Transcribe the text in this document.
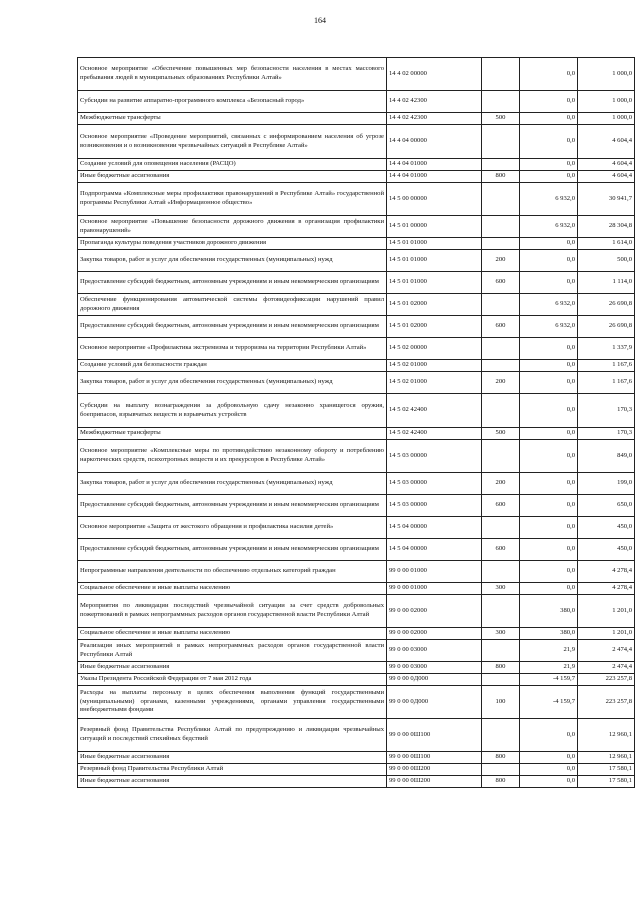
164
Основное мероприятие «Обеспечение повышенных мер безопасности населения в местах массового пребывания людей в муниципальных образованиях Республики Алтай»	14 4 02 00000		0,0	1 000,0
Субсидии на развитие аппаратно-программного комплекса «Безопасный город»	14 4 02 42300		0,0	1 000,0
Межбюджетные трансферты	14 4 02 42300	500	0,0	1 000,0
Основное мероприятие «Проведение мероприятий, связанных с информированием населения об угрозе возникновения и о возникновении чрезвычайных ситуаций в Республике Алтай»	14 4 04 00000		0,0	4 604,4
Создание условий для оповещения населения (РАСЦО)	14 4 04 01000		0,0	4 604,4
Иные бюджетные ассигнования	14 4 04 01000	800	0,0	4 604,4
Подпрограмма «Комплексные меры профилактики правонарушений в Республике Алтай» государственной программы Республики Алтай «Информационное общество»	14 5 00 00000		6 932,0	30 941,7
Основное мероприятие «Повышение безопасности дорожного движения в организация профилактики правонарушений»	14 5 01 00000		6 932,0	28 304,8
Пропаганда культуры поведения участников дорожного движения	14 5 01 01000		0,0	1 614,0
Закупка товаров, работ и услуг для обеспечения государственных (муниципальных) нужд	14 5 01 01000	200	0,0	500,0
Предоставление субсидий бюджетным, автономным учреждениям и иным некоммерческим организациям	14 5 01 01000	600	0,0	1 114,0
Обеспечение функционирования автоматической системы фотовидеофиксации нарушений правил дорожного движения	14 5 01 02000		6 932,0	26 690,8
Предоставление субсидий бюджетным, автономным учреждениям и иным некоммерческим организациям	14 5 01 02000	600	6 932,0	26 690,8
Основное мероприятие «Профилактика экстремизма и терроризма на территории Республики Алтай»	14 5 02 00000		0,0	1 337,9
Создание условий для безопасности граждан	14 5 02 01000		0,0	1 167,6
Закупка товаров, работ и услуг для обеспечения государственных (муниципальных) нужд	14 5 02 01000	200	0,0	1 167,6
Субсидии на выплату вознаграждения за добровольную сдачу незаконно хранящегося оружия, боеприпасов, взрывчатых веществ и взрывчатых устройств	14 5 02 42400		0,0	170,3
Межбюджетные трансферты	14 5 02 42400	500	0,0	170,3
Основное мероприятие «Комплексные меры по противодействию незаконному обороту и потреблению наркотических средств, психотропных веществ и их прекурсоров в Республике Алтай»	14 5 03 00000		0,0	849,0
Закупка товаров, работ и услуг для обеспечения государственных (муниципальных) нужд	14 5 03 00000	200	0,0	199,0
Предоставление субсидий бюджетным, автономным учреждениям и иным некоммерческим организациям	14 5 03 00000	600	0,0	650,0
Основное мероприятие «Защита от жестокого обращения и профилактика насилия детей»	14 5 04 00000		0,0	450,0
Предоставление субсидий бюджетным, автономным учреждениям и иным некоммерческим организациям	14 5 04 00000	600	0,0	450,0
Непрограммные направления деятельности по обеспечению отдельных категорий граждан	99 0 00 01000		0,0	4 278,4
Социальное обеспечение и иные выплаты населению	99 0 00 01000	300	0,0	4 278,4
Мероприятия по ликвидации последствий чрезвычайной ситуации за счет средств добровольных пожертвований в рамках непрограммных расходов органов государственной власти Республики Алтай	99 0 00 02000		380,0	1 201,0
Социальное обеспечение и иные выплаты населению	99 0 00 02000	300	380,0	1 201,0
Реализация иных мероприятий в рамках непрограммных расходов органов государственной власти Республики Алтай	99 0 00 03000		21,9	2 474,4
Иные бюджетные ассигнования	99 0 00 03000	800	21,9	2 474,4
Указы Президента Российской Федерации от 7 мая 2012 года	99 0 00 0Д000		-4 159,7	223 257,8
Расходы на выплаты персоналу в целях обеспечения выполнения функций государственными (муниципальными) органами, казенными учреждениями, органами управления государственными внебюджетными фондами	99 0 00 0Д000	100	-4 159,7	223 257,8
Резервный фонд Правительства Республики Алтай по предупреждению и ликвидации чрезвычайных ситуаций и последствий стихийных бедствий	99 0 00 0Ш100		0,0	12 960,1
Иные бюджетные ассигнования	99 0 00 0Ш100	800	0,0	12 960,1
Резервный фонд Правительства Республики Алтай	99 0 00 0Ш200		0,0	17 580,1
Иные бюджетные ассигнования	99 0 00 0Ш200	800	0,0	17 580,1
